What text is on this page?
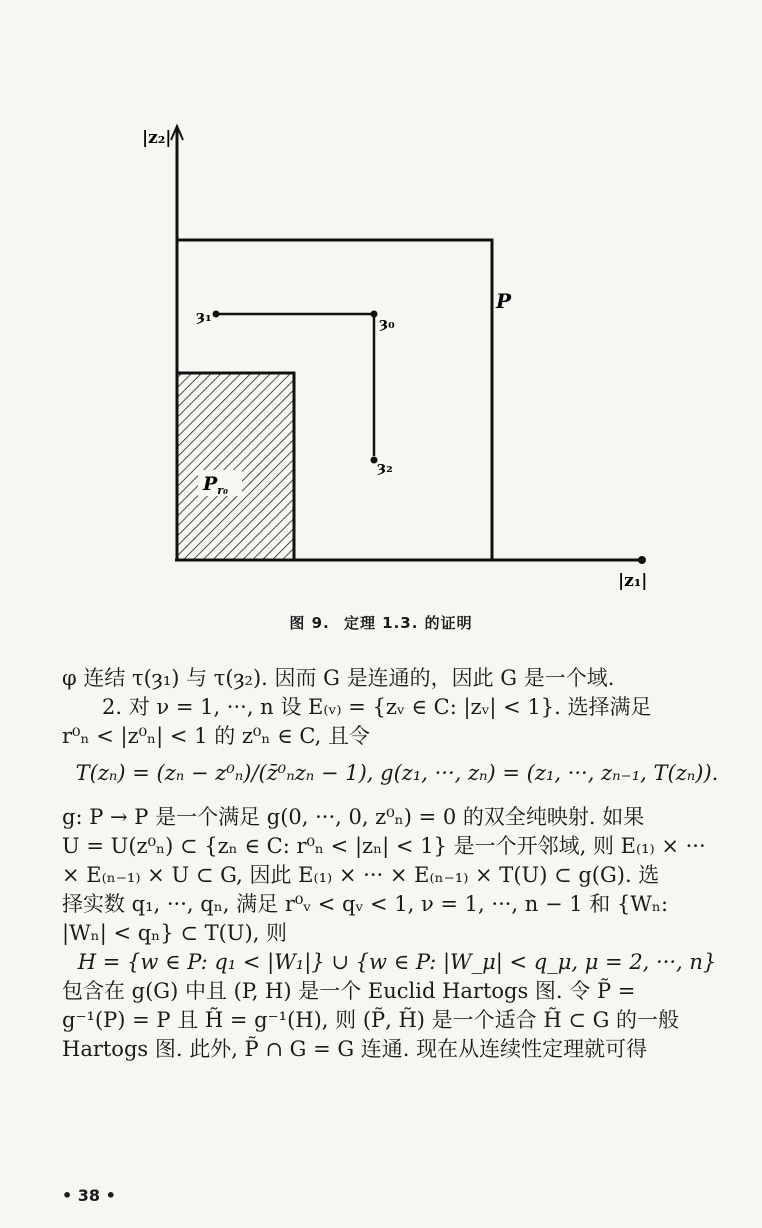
|z₂|
|z₁|
P
ȝ₁	ȝ₀
ȝ₂
$P_{r_0}$
图 9. 定理 1.3. 的证明
φ 连结 τ(ȝ₁) 与 τ(ȝ₂). 因而 G 是连通的，因此 G 是一个域.
2. 对 ν = 1, ···, n 设 E₍ᵥ₎ = {zᵥ ∈ C: |zᵥ| < 1}. 选择满足
r⁰ₙ < |z⁰ₙ| < 1 的 z⁰ₙ ∈ C, 且令
T(zₙ) = (zₙ − z⁰ₙ)/(z̄⁰ₙzₙ − 1), g(z₁, ···, zₙ) = (z₁, ···, zₙ₋₁, T(zₙ)).
g: P → P 是一个满足 g(0, ···, 0, z⁰ₙ) = 0 的双全纯映射. 如果
U = U(z⁰ₙ) ⊂ {zₙ ∈ C: r⁰ₙ < |zₙ| < 1} 是一个开邻域, 则 E₍₁₎ × ···
× E₍ₙ₋₁₎ × U ⊂ G, 因此 E₍₁₎ × ··· × E₍ₙ₋₁₎ × T(U) ⊂ g(G). 选
择实数 q₁, ···, qₙ, 满足 r⁰ᵥ < qᵥ < 1, ν = 1, ···, n − 1 和 {Wₙ:
|Wₙ| < qₙ} ⊂ T(U), 则
H = {w ∈ P: q₁ < |W₁|} ∪ {w ∈ P: |W_μ| < q_μ, μ = 2, ···, n}
包含在 g(G) 中且 (P, H) 是一个 Euclid Hartogs 图. 令 P̃ =
g⁻¹(P) = P 且 H̃ = g⁻¹(H), 则 (P̃, H̃) 是一个适合 H̃ ⊂ G 的一般
Hartogs 图. 此外, P̃ ∩ G = G 连通. 现在从连续性定理就可得
• 38 •
